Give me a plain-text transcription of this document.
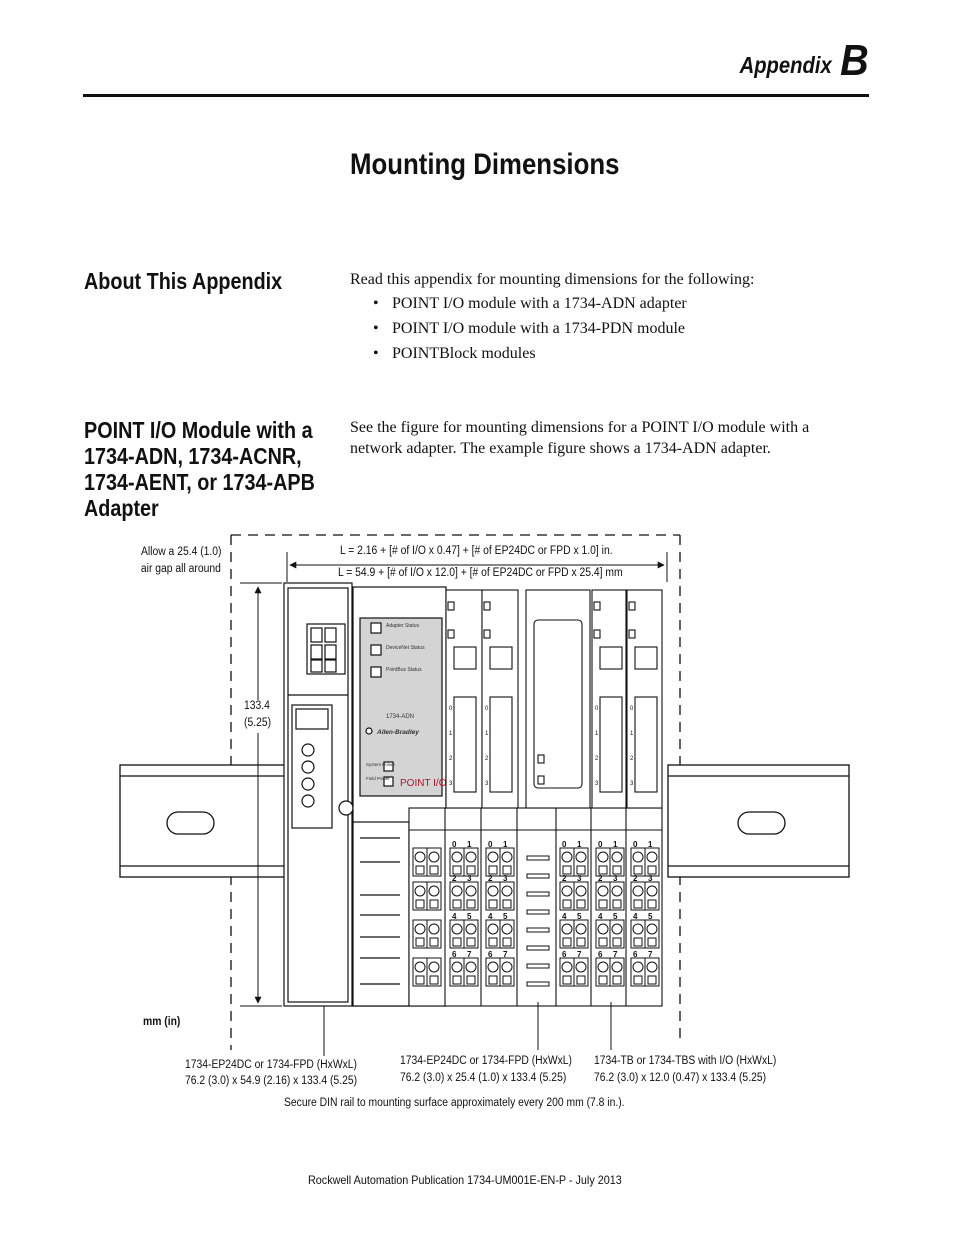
Appendix B
Mounting Dimensions
About This Appendix	Read this appendix for mounting dimensions for the following:
• POINT I/O module with a 1734-ADN adapter
• POINT I/O module with a 1734-PDN module
• POINTBlock modules
POINT I/O Module with a 1734-ADN, 1734-ACNR, 1734-AENT, or 1734-APB Adapter
See the figure for mounting dimensions for a POINT I/O module with a network adapter. The example figure shows a 1734-ADN adapter.
Adapter Status
DeviceNet Status
PointBus Status
1734-ADN
Allen-Bradley
System Power
Field Power POINT I/O
0
1
2
3
0
1
2
3
0
1
2
3
0
1
2
3
0 1
2 3
4 5
6 7
0 1
2 3
4 5
6 7
0 1
2 3
4 5
6 7
0 1
2 3
4 5
6 7
0 1
2 3
4 5
6 7
Allow a 25.4 (1.0)
air gap all around
L = 2.16 + [# of I/O x 0.47] + [# of EP24DC or FPD x 1.0] in.
L = 54.9 + [# of I/O x 12.0] + [# of EP24DC or FPD x 25.4] mm
133.4
(5.25)
mm (in)
1734-EP24DC or 1734-FPD (HxWxL)
76.2 (3.0) x 54.9 (2.16) x 133.4 (5.25)
1734-EP24DC or 1734-FPD (HxWxL)
76.2 (3.0) x 25.4 (1.0) x 133.4 (5.25)
1734-TB or 1734-TBS with I/O (HxWxL)
76.2 (3.0) x 12.0 (0.47) x 133.4 (5.25)
Secure DIN rail to mounting surface approximately every 200 mm (7.8 in.).
Rockwell Automation Publication 1734-UM001E-EN-P - July 2013
